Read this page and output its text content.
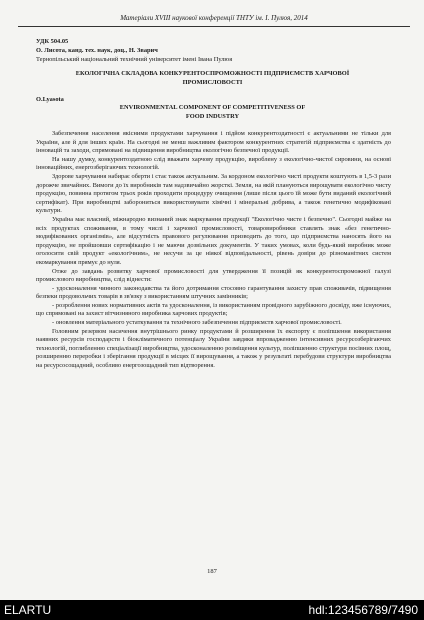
Матеріали XVIII наукової конференції ТНТУ ім. І. Пулюя, 2014
УДК 504.05
О. Лисота, канд. тех. наук, доц., Н. Зварич
Тернопільський національний технічний університет імені Івана Пулюя
ЕКОЛОГІЧНА СКЛАДОВА КОНКУРЕНТОСПРОМОЖНОСТІ ПІДПРИЄМСТВ ХАРЧОВОЇ ПРОМИСЛОВОСТІ
O.Lyasota
ENVIRONMENTAL COMPONENT OF COMPETITIVENESS OF FOOD INDUSTRY

Забезпечення населення якісними продуктами харчування і підйом конкурентоздатності є актуальними не тільки для України, але й для інших країн. На сьогодні не менш важливим фактором конкурентних стратегій підприємства є здатність до інновацій та заходи, спрямовані на підвищення виробництва екологічно безпечної продукції.

На нашу думку, конкурентоздатною слід вважати харчову продукцію, вироблену з екологічно-чистої сировини, на основі інноваційних, енергозберігаючих технологій.

Здорове харчування набирає оберти і стає також актуальним. За кордоном екологічно чисті продукти коштують в 1,5-3 рази дорожче звичайних. Вимоги до їх виробників там надзвичайно жорсткі. Земля, на якій плануються вирощувати екологічно чисту продукцію, повинна протягом трьох років проходити процедуру очищення (лише після цього їй може бути виданий екологічний сертифікат). При виробництві заборониться використовувати хімічні і мінеральні добрива, а також генетично модифіковані культури.

Україна має власний, міжнародно визнаний знак маркування продукції "Екологічно чисте і безпечно". Сьогодні майже на всіх продуктах споживання, в тому числі і харчової промисловості, товаровиробники ставлять знак «без генетично-модифікованих організмів», але відсутність правового регулювання призводить до того, що підприємства наносять його на продукцію, не пройшовши сертифікацію і не маючи дозвільних документів. У таких умовах, коли будь-який виробник може оголосити свій продукт «екологічним», не несучи за це ніякої відповідальності, рівень довіри до різноманітних систем екомаркування прямує до нуля.

Отже до завдань розвитку харчової промисловості для утвердження її позицій як конкурентоспроможної галузі промислового виробництва, слід віднести:

- удосконалення чинного законодавства та його дотримання стосовно гарантування захисту прав споживачів, підвищення безпеки продовольчих товарів в зв'язку з використанням штучних замінників;

- розроблення нових нормативних актів та удосконалення, із використанням провідного зарубіжного досвіду, вже існуючих, що спрямовані на захист вітчизняного виробника харчових продуктів;

- оновлення матеріального устаткування та технічного забезпечення підприємств харчової промисловості.

Головним резервом насичення внутрішнього ринку продуктами й розширення їх експорту є поліпшення використання наявних ресурсів господарств і біокліматичного потенціалу України завдяки впровадженню інтенсивних ресурсозберігаючих технологій, поглибленню спеціалізації виробництва, удосконаленню розміщення культур, поліпшенню структури посівних площ, розширенню переробки і зберігання продукції в місцях її вирощування, а також у результаті перебудови структури виробництва на ресурсосощадний, особливо енергозощадний тип відтворення.

187
ELARTU	hdl:123456789/7490
